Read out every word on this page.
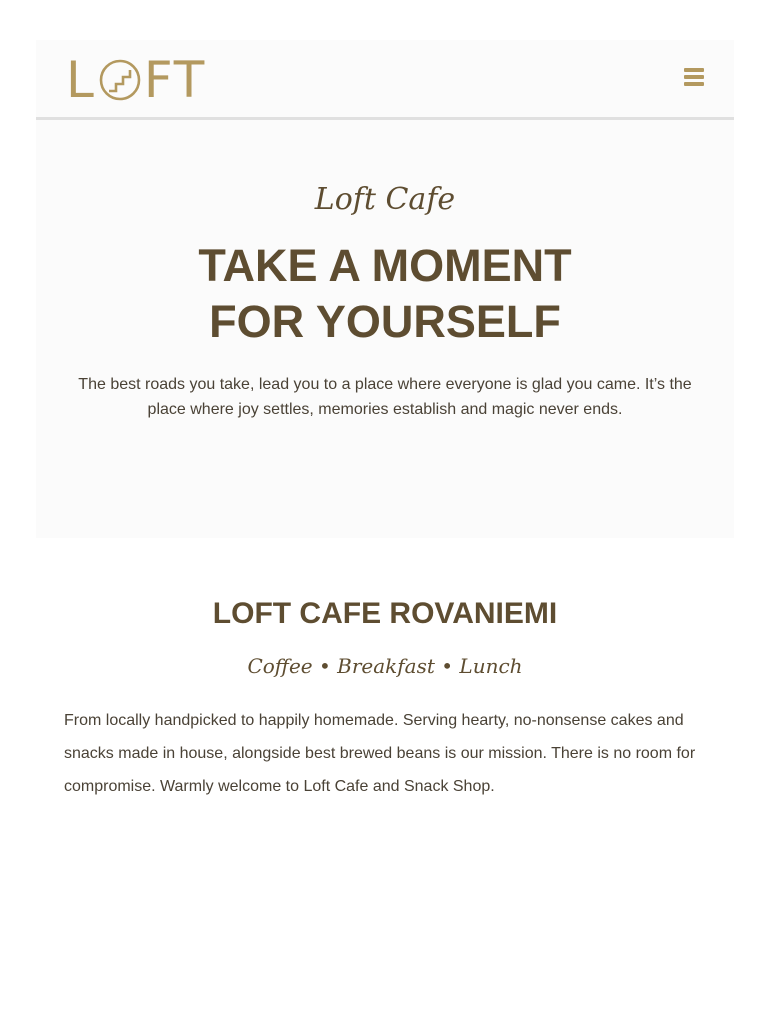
L FT
Loft Cafe
TAKE A MOMENT
FOR YOURSELF

The best roads you take, lead you to a place where everyone is glad you came. It’s the place where joy settles, memories establish and magic never ends.

LOFT CAFE ROVANIEMI
Coffee • Breakfast • Lunch

From locally handpicked to happily homemade. Serving hearty, no-nonsense cakes and snacks made in house, alongside best brewed beans is our mission. There is no room for compromise. Warmly welcome to Loft Cafe and Snack Shop.
